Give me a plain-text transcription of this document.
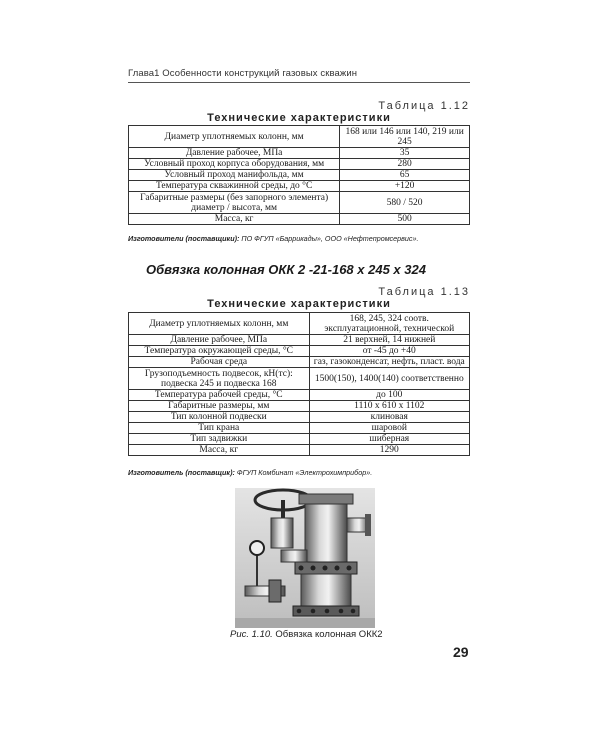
Глава1 Особенности конструкций газовых скважин
Таблица 1.12
Технические характеристики
Диаметр уплотняемых колонн, мм	168 или 146 или 140, 219 или 245
Давление рабочее, МПа	35
Условный проход корпуса оборудования, мм	280
Условный проход манифольда, мм	65
Температура скважинной среды, до °С	+120
Габаритные размеры (без запорного элемента) диаметр / высота, мм	580 / 520
Масса, кг	500
Изготовители (поставщики): ПО ФГУП «Баррикады», ООО «Нефтепромсервис».
Обвязка колонная ОКК 2 -21-168 х 245 х 324
Таблица 1.13
Технические характеристики
Диаметр уплотняемых колонн, мм	168, 245, 324 соотв. эксплуатационной, технической
Давление рабочее, МПа	21 верхней, 14 нижней
Температура окружающей среды, °С	от -45 до +40
Рабочая среда	газ, газоконденсат, нефть, пласт. вода
Грузоподъемность подвесок, кН(тс): подвеска 245 и подвеска 168	1500(150), 1400(140) соответственно
Температура рабочей среды, °С	до 100
Габаритные размеры, мм	1110 х 610 х 1102
Тип колонной подвески	клиновая
Тип крана	шаровой
Тип задвижки	шиберная
Масса, кг	1290
Изготовитель (поставщик): ФГУП Комбинат «Электрохимприбор».
Рис. 1.10. Обвязка колонная ОКК2
29
